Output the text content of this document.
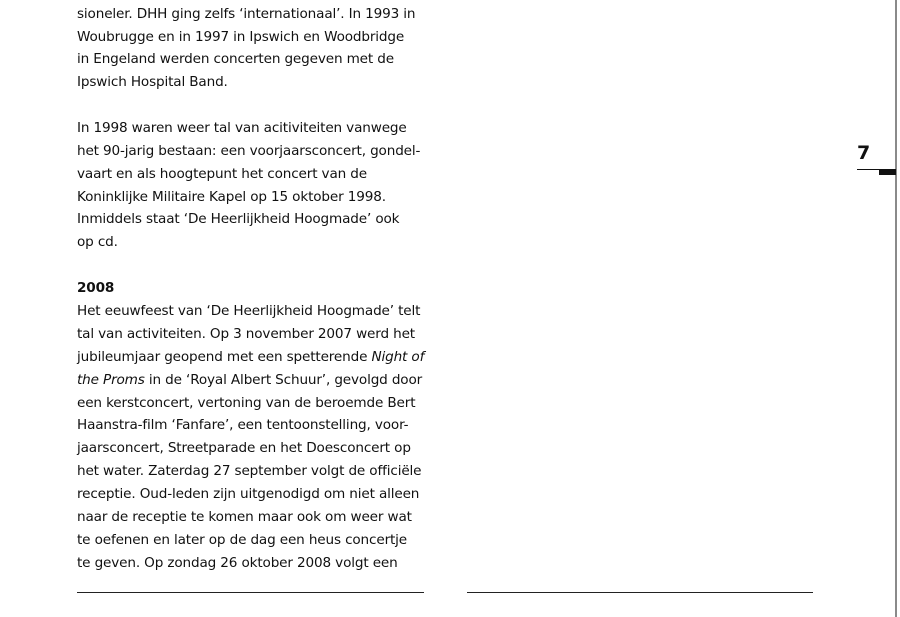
sioneler. DHH ging zelfs ‘internationaal’. In 1993 in
Woubrugge en in 1997 in Ipswich en Woodbridge
in Engeland werden concerten gegeven met de
Ipswich Hospital Band.
In 1998 waren weer tal van acitiviteiten vanwege
het 90-jarig bestaan: een voorjaarsconcert, gondel-
vaart en als hoogtepunt het concert van de
Koninklijke Militaire Kapel op 15 oktober 1998.
Inmiddels staat ‘De Heerlijkheid Hoogmade’ ook
op cd.
2008
Het eeuwfeest van ‘De Heerlijkheid Hoogmade’ telt
tal van activiteiten. Op 3 november 2007 werd het
jubileumjaar geopend met een spetterende Night of
the Proms in de ‘Royal Albert Schuur’, gevolgd door
een kerstconcert, vertoning van de beroemde Bert
Haanstra-film ‘Fanfare’, een tentoonstelling, voor-
jaarsconcert, Streetparade en het Doesconcert op
het water. Zaterdag 27 september volgt de officiële
receptie. Oud-leden zijn uitgenodigd om niet alleen
naar de receptie te komen maar ook om weer wat
te oefenen en later op de dag een heus concertje
te geven. Op zondag 26 oktober 2008 volgt een
7
